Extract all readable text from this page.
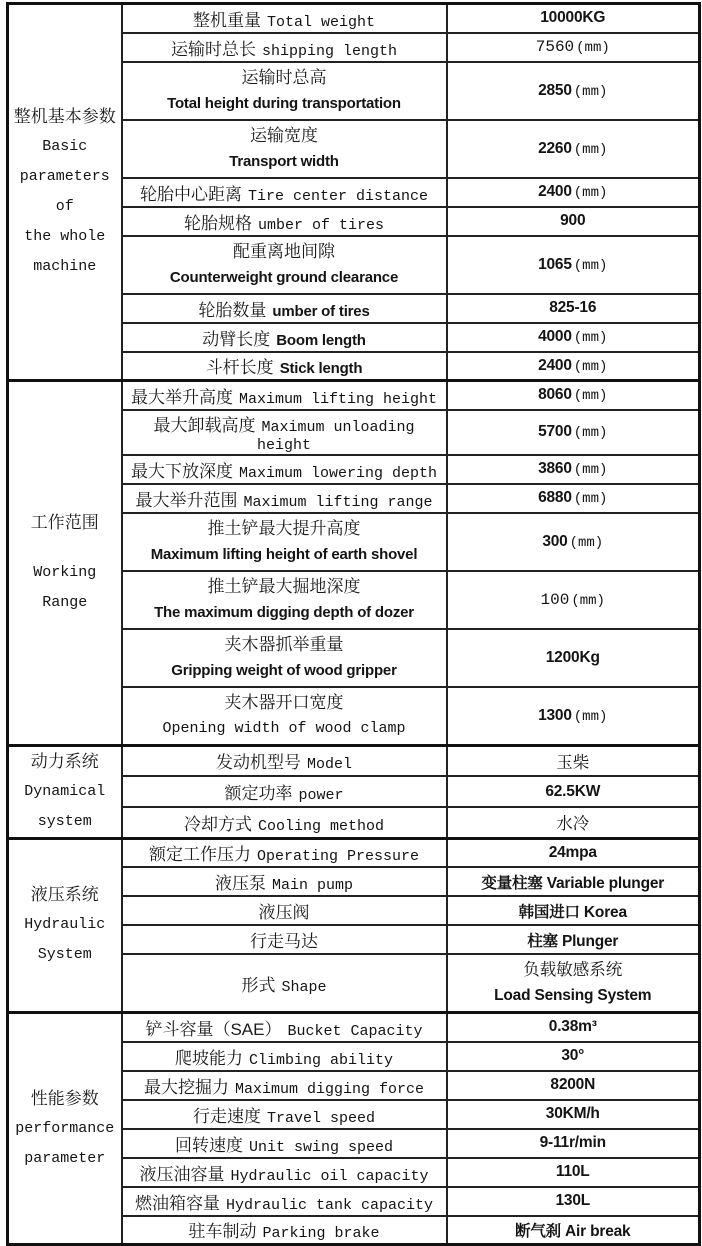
整机基本参数
Basic
parameters of
the whole
machine	整机重量 Total weight	10000KG
	运输时总长 shipping length	7560 (mm)

	运输时总高
Total height during transportation	2850 (mm)

	运输宽度
Transport width	2260 (mm)
	轮胎中心距离 Tire center distance	2400 (mm)
	轮胎规格 umber of tires	900

	配重离地间隙
Counterweight ground clearance	1065 (mm)
	轮胎数量 umber of tires	825-16
	动臂长度 Boom length	4000 (mm)
	斗杆长度 Stick length	2400 (mm)

工作范围
Working Range	最大举升高度 Maximum lifting height	8060 (mm)
	最大卸载高度 Maximum unloading height	5700 (mm)
	最大下放深度 Maximum lowering depth	3860 (mm)
	最大举升范围 Maximum lifting range	6880 (mm)

	推土铲最大提升高度
Maximum lifting height of earth shovel	300 (mm)

	推土铲最大掘地深度
The maximum digging depth of dozer	100 (mm)

	夹木器抓举重量
Gripping weight of wood gripper	1200Kg

	夹木器开口宽度
Opening width of wood clamp	1300 (mm)

动力系统
Dynamical
system	发动机型号 Model	玉柴
	额定功率 power	62.5KW
	冷却方式 Cooling method	水冷

液压系统
Hydraulic
System	额定工作压力 Operating Pressure	24mpa
	液压泵 Main pump	变量柱塞 Variable plunger
	液压阀	韩国进口 Korea
	行走马达	柱塞 Plunger
	形式 Shape	负载敏感系统
Load Sensing System

性能参数
performance
parameter	铲斗容量（SAE） Bucket Capacity	0.38m³
	爬坡能力 Climbing ability	30°
	最大挖掘力 Maximum digging force	8200N
	行走速度 Travel speed	30KM/h
	回转速度 Unit swing speed	9-11r/min
	液压油容量 Hydraulic oil capacity	110L
	燃油箱容量 Hydraulic tank capacity	130L
	驻车制动 Parking brake	断气刹 Air break
